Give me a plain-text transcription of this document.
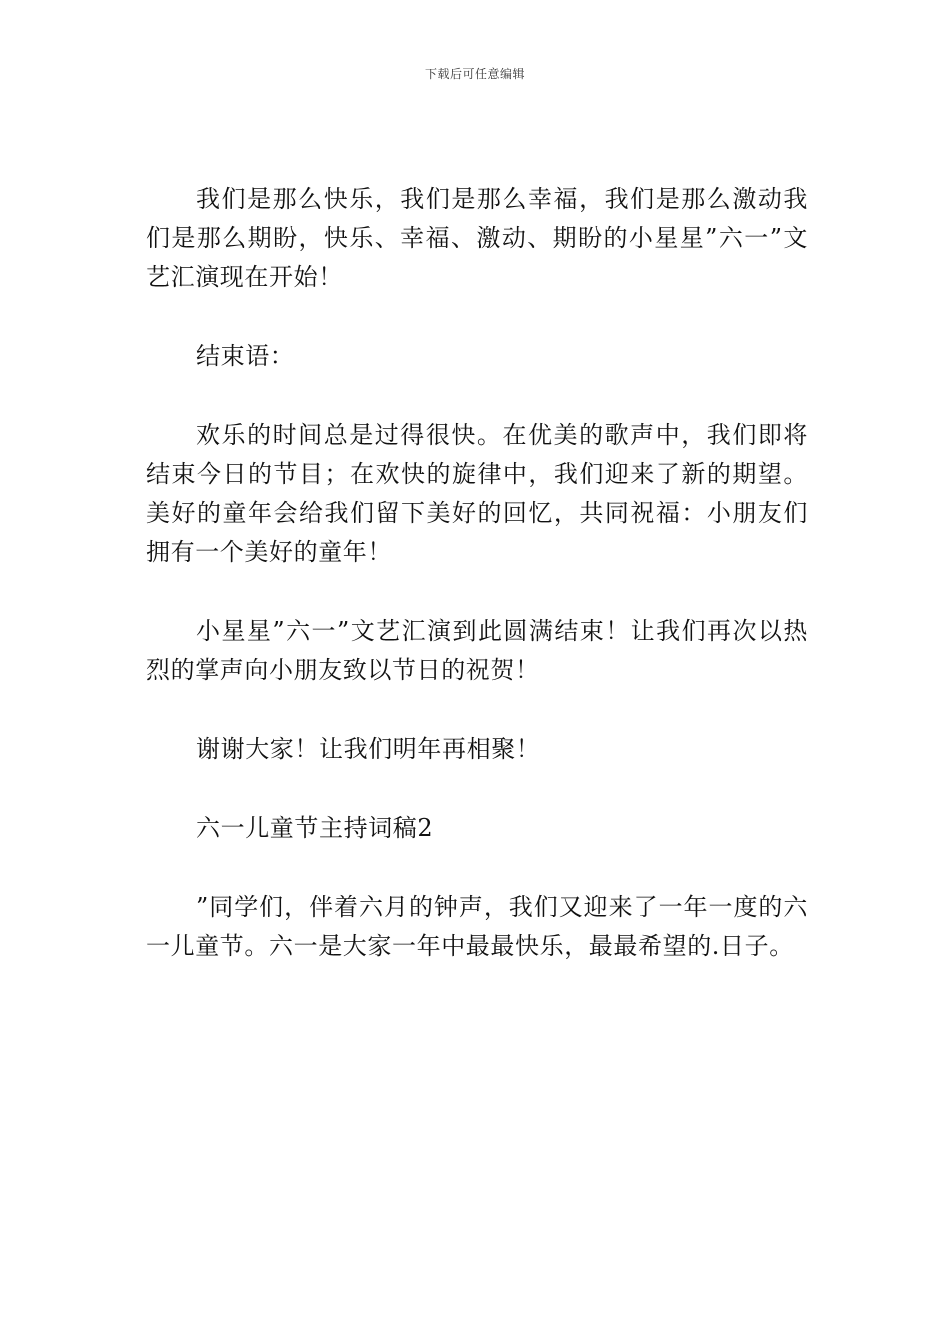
下载后可任意编辑

我们是那么快乐，我们是那么幸福，我们是那么激动我们是那么期盼，快乐、幸福、激动、期盼的小星星”六一”文艺汇演现在开始！

结束语：

欢乐的时间总是过得很快。在优美的歌声中，我们即将结束今日的节目；在欢快的旋律中，我们迎来了新的期望。美好的童年会给我们留下美好的回忆，共同祝福：小朋友们拥有一个美好的童年！

小星星”六一”文艺汇演到此圆满结束！让我们再次以热烈的掌声向小朋友致以节日的祝贺！

谢谢大家！让我们明年再相聚！

六一儿童节主持词稿2

”同学们，伴着六月的钟声，我们又迎来了一年一度的六一儿童节。六一是大家一年中最最快乐，最最希望的.日子。
